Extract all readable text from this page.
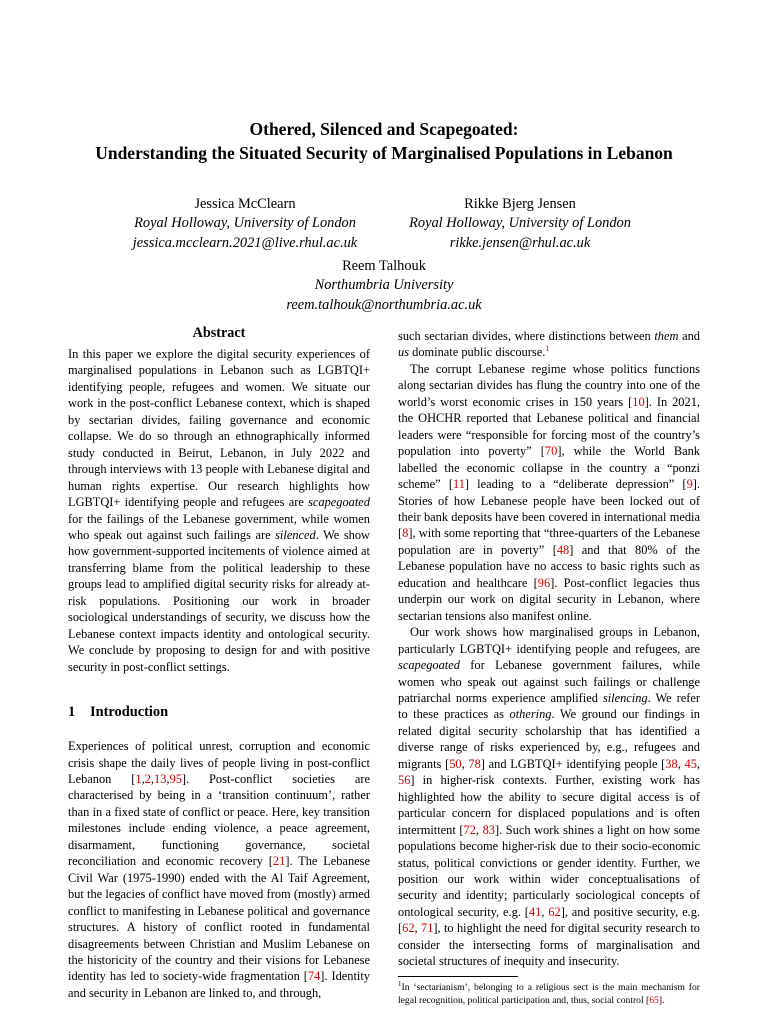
Othered, Silenced and Scapegoated:
Understanding the Situated Security of Marginalised Populations in Lebanon
Jessica McClearn
Royal Holloway, University of London
jessica.mcclearn.2021@live.rhul.ac.uk
Rikke Bjerg Jensen
Royal Holloway, University of London
rikke.jensen@rhul.ac.uk
Reem Talhouk
Northumbria University
reem.talhouk@northumbria.ac.uk
Abstract

In this paper we explore the digital security experiences of marginalised populations in Lebanon such as LGBTQI+ identifying people, refugees and women. We situate our work in the post-conflict Lebanese context, which is shaped by sectarian divides, failing governance and economic collapse. We do so through an ethnographically informed study conducted in Beirut, Lebanon, in July 2022 and through interviews with 13 people with Lebanese digital and human rights expertise. Our research highlights how LGBTQI+ identifying people and refugees are scapegoated for the failings of the Lebanese government, while women who speak out against such failings are silenced. We show how government-supported incitements of violence aimed at transferring blame from the political leadership to these groups lead to amplified digital security risks for already at-risk populations. Positioning our work in broader sociological understandings of security, we discuss how the Lebanese context impacts identity and ontological security. We conclude by proposing to design for and with positive security in post-conflict settings.

1 Introduction

Experiences of political unrest, corruption and economic crisis shape the daily lives of people living in post-conflict Lebanon [1,2,13,95]. Post-conflict societies are characterised by being in a ‘transition continuum’, rather than in a fixed state of conflict or peace. Here, key transition milestones include ending violence, a peace agreement, disarmament, functioning governance, societal reconciliation and economic recovery [21]. The Lebanese Civil War (1975-1990) ended with the Al Taif Agreement, but the legacies of conflict have moved from (mostly) armed conflict to manifesting in Lebanese political and governance structures. A history of conflict rooted in fundamental disagreements between Christian and Muslim Lebanese on the historicity of the country and their visions for Lebanese identity has led to society-wide fragmentation [74]. Identity and security in Lebanon are linked to, and through,

such sectarian divides, where distinctions between them and us dominate public discourse.$^1$

The corrupt Lebanese regime whose politics functions along sectarian divides has flung the country into one of the world’s worst economic crises in 150 years [10]. In 2021, the OHCHR reported that Lebanese political and financial leaders were “responsible for forcing most of the country’s population into poverty” [70], while the World Bank labelled the economic collapse in the country a “ponzi scheme” [11] leading to a “deliberate depression” [9]. Stories of how Lebanese people have been locked out of their bank deposits have been covered in international media [8], with some reporting that “three-quarters of the Lebanese population are in poverty” [48] and that 80% of the Lebanese population have no access to basic rights such as education and healthcare [96]. Post-conflict legacies thus underpin our work on digital security in Lebanon, where sectarian tensions also manifest online.

Our work shows how marginalised groups in Lebanon, particularly LGBTQI+ identifying people and refugees, are scapegoated for Lebanese government failures, while women who speak out against such failings or challenge patriarchal norms experience amplified silencing. We refer to these practices as othering. We ground our findings in related digital security scholarship that has identified a diverse range of risks experienced by, e.g., refugees and migrants [50, 78] and LGBTQI+ identifying people [38, 45, 56] in higher-risk contexts. Further, existing work has highlighted how the ability to secure digital access is of particular concern for displaced populations and is often intermittent [72, 83]. Such work shines a light on how some populations become higher-risk due to their socio-economic status, political convictions or gender identity. Further, we position our work within wider conceptualisations of security and identity; particularly sociological concepts of ontological security, e.g. [41, 62], and positive security, e.g. [62, 71], to highlight the need for digital security research to consider the intersecting forms of marginalisation and societal structures of inequity and insecurity.

$^1$In ‘sectarianism’, belonging to a religious sect is the main mechanism for legal recognition, political participation and, thus, social control [65].
